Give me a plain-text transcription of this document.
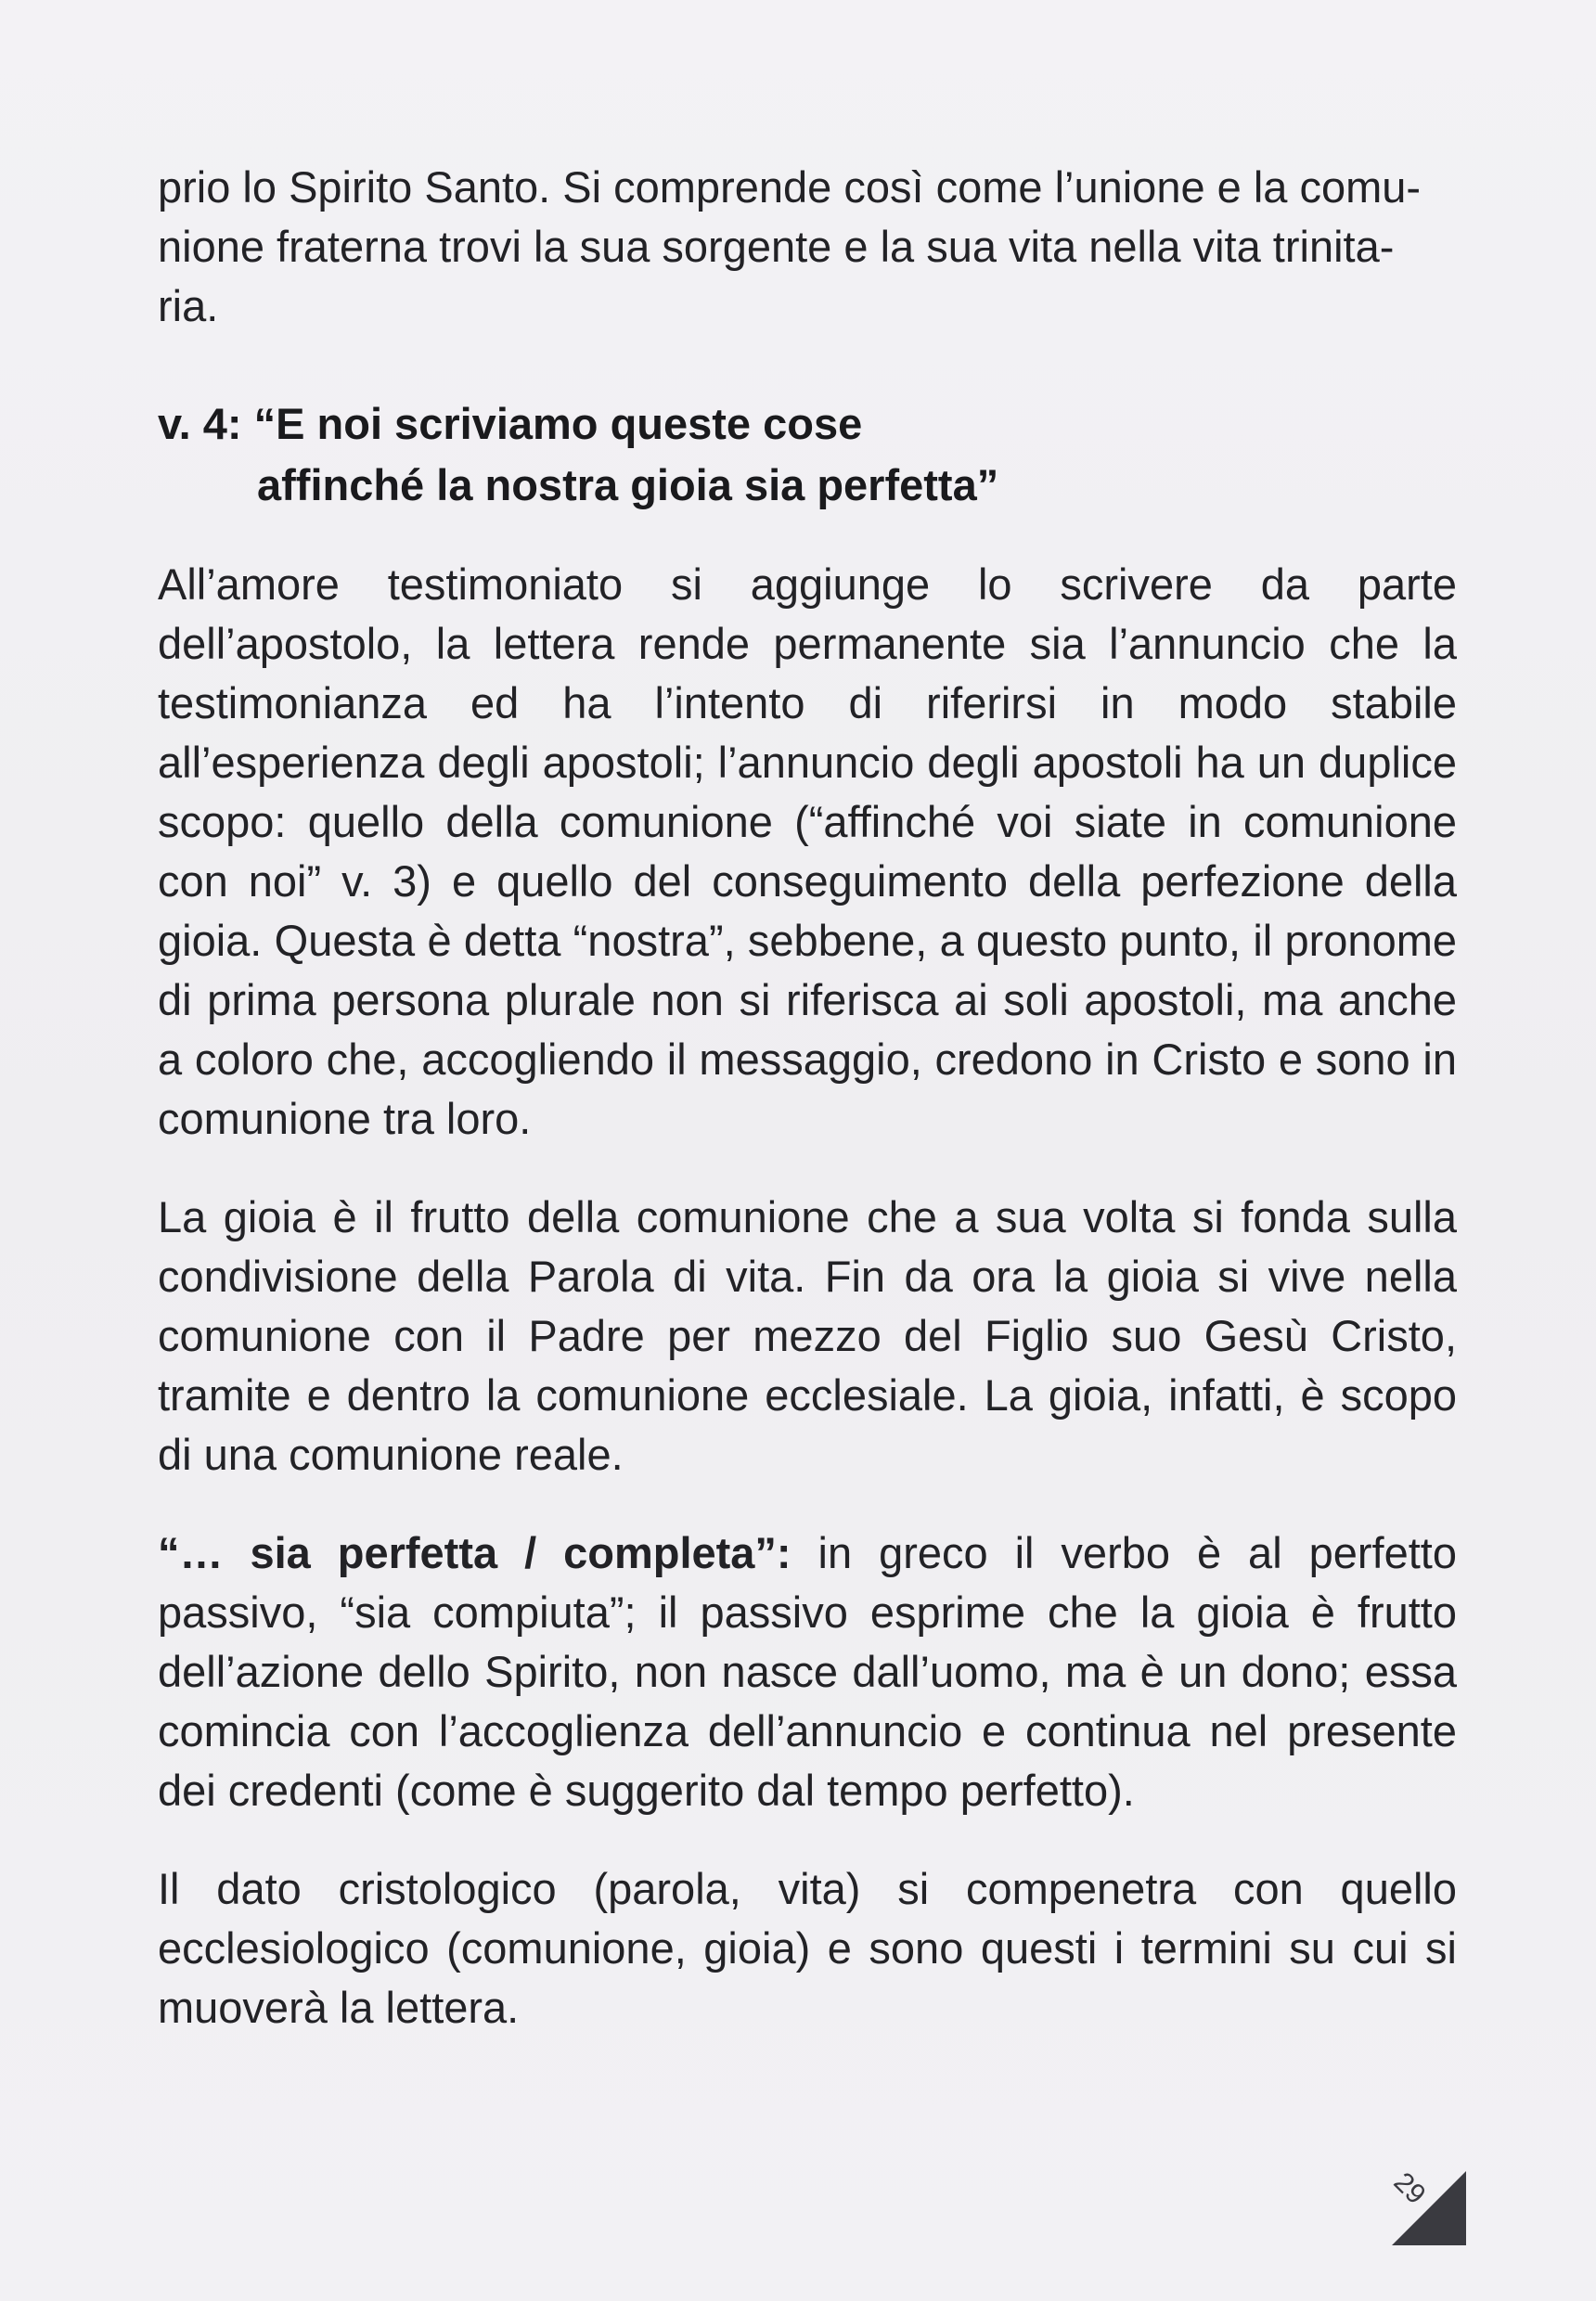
prio lo Spirito Santo. Si comprende così come l’unione e la comu-
nione fraterna trovi la sua sorgente e la sua vita nella vita trinita-
ria.

v. 4: “E noi scriviamo queste cose
affinché la nostra gioia sia perfetta”

All’amore testimoniato si aggiunge lo scrivere da parte dell’apostolo, la lettera rende permanente sia l’annuncio che la testimonianza ed ha l’intento di riferirsi in modo stabile all’esperienza degli apostoli; l’annuncio degli apostoli ha un duplice scopo: quello della comunione (“affinché voi siate in comunione con noi” v. 3) e quello del conseguimento della perfezione della gioia. Questa è detta “nostra”, sebbene, a questo punto, il pronome di prima persona plurale non si riferisca ai soli apostoli, ma anche a coloro che, accogliendo il messaggio, credono in Cristo e sono in comunione tra loro.

La gioia è il frutto della comunione che a sua volta si fonda sulla condivisione della Parola di vita. Fin da ora la gioia si vive nella comunione con il Padre per mezzo del Figlio suo Gesù Cristo, tramite e dentro la comunione ecclesiale. La gioia, infatti, è scopo di una comunione reale.

“… sia perfetta / completa”: in greco il verbo è al perfetto passivo, “sia compiuta”; il passivo esprime che la gioia è frutto dell’azione dello Spirito, non nasce dall’uomo, ma è un dono; essa comincia con l’accoglienza dell’annuncio e continua nel presente dei credenti (come è suggerito dal tempo perfetto).

Il dato cristologico (parola, vita) si compenetra con quello ecclesiologico (comunione, gioia) e sono questi i termini su cui si muoverà la lettera.

29
